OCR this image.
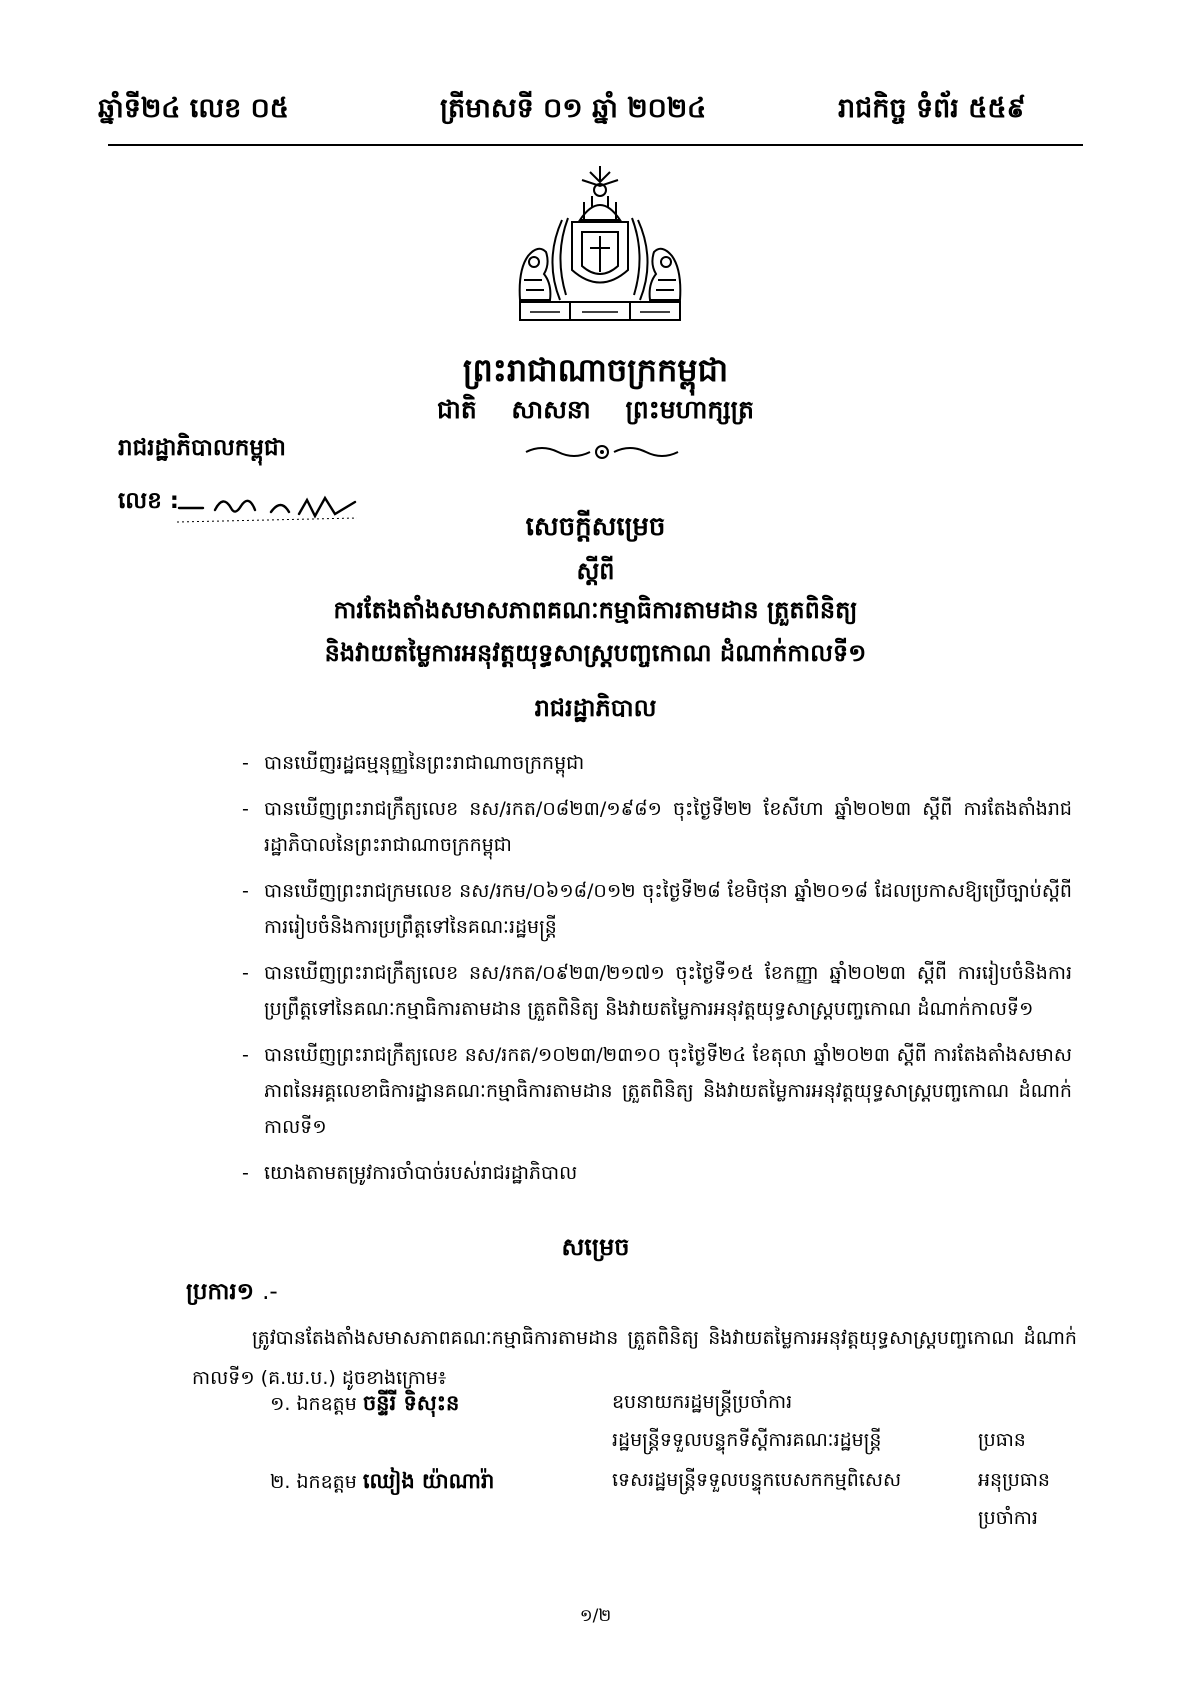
ឆ្នាំទី២៤ លេខ ០៥	ត្រីមាសទី ០១ ឆ្នាំ ២០២៤	រាជកិច្ច ទំព័រ ៥៥៩
ព្រះរាជាណាចក្រកម្ពុជា
ជាតិ សាសនា ព្រះមហាក្សត្រ
រាជរដ្ឋាភិបាលកម្ពុជា
លេខ :
សេចក្តីសម្រេច
ស្តីពី
ការតែងតាំងសមាសភាពគណៈកម្មាធិការតាមដាន ត្រួតពិនិត្យ
និងវាយតម្លៃការអនុវត្តយុទ្ធសាស្ត្របញ្ចកោណ ដំណាក់កាលទី១
រាជរដ្ឋាភិបាល
- បានឃើញរដ្ឋធម្មនុញ្ញនៃព្រះរាជាណាចក្រកម្ពុជា
- បានឃើញព្រះរាជក្រឹត្យលេខ នស/រកត/០៨២៣/១៩៨១ ចុះថ្ងៃទី២២ ខែសីហា ឆ្នាំ២០២៣ ស្តីពី ការតែងតាំងរាជរដ្ឋាភិបាលនៃព្រះរាជាណាចក្រកម្ពុជា
- បានឃើញព្រះរាជក្រមលេខ នស/រកម/០៦១៨/០១២ ចុះថ្ងៃទី២៨ ខែមិថុនា ឆ្នាំ២០១៨ ដែលប្រកាសឱ្យប្រើច្បាប់ស្តីពីការរៀបចំនិងការប្រព្រឹត្តទៅនៃគណៈរដ្ឋមន្ត្រី
- បានឃើញព្រះរាជក្រឹត្យលេខ នស/រកត/០៩២៣/២១៧១ ចុះថ្ងៃទី១៥ ខែកញ្ញា ឆ្នាំ២០២៣ ស្តីពី ការរៀបចំនិងការប្រព្រឹត្តទៅនៃគណៈកម្មាធិការតាមដាន ត្រួតពិនិត្យ និងវាយតម្លៃការអនុវត្តយុទ្ធសាស្ត្របញ្ចកោណ ដំណាក់កាលទី១
- បានឃើញព្រះរាជក្រឹត្យលេខ នស/រកត/១០២៣/២៣១០ ចុះថ្ងៃទី២៤ ខែតុលា ឆ្នាំ២០២៣ ស្តីពី ការតែងតាំងសមាសភាពនៃអគ្គលេខាធិការដ្ឋានគណៈកម្មាធិការតាមដាន ត្រួតពិនិត្យ និងវាយតម្លៃការអនុវត្តយុទ្ធសាស្ត្របញ្ចកោណ ដំណាក់កាលទី១
- យោងតាមតម្រូវការចាំបាច់របស់រាជរដ្ឋាភិបាល
សម្រេច
ប្រការ១ .-
ត្រូវបានតែងតាំងសមាសភាពគណៈកម្មាធិការតាមដាន ត្រួតពិនិត្យ និងវាយតម្លៃការអនុវត្តយុទ្ធសាស្ត្របញ្ចកោណ ដំណាក់កាលទី១ (គ.ឃ.ប.) ដូចខាងក្រោម៖
១. ឯកឧត្តម ចន្ទីរី ទិសុះន	ឧបនាយករដ្ឋមន្ត្រីប្រចាំការ
រដ្ឋមន្ត្រីទទួលបន្ទុកទីស្តីការគណៈរដ្ឋមន្ត្រី	ប្រធាន
២. ឯកឧត្តម ឈៀង យ៉ាណារ៉ា	ទេសរដ្ឋមន្ត្រីទទួលបន្ទុកបេសកកម្មពិសេស	អនុប្រធាន
ប្រចាំការ
១/២
